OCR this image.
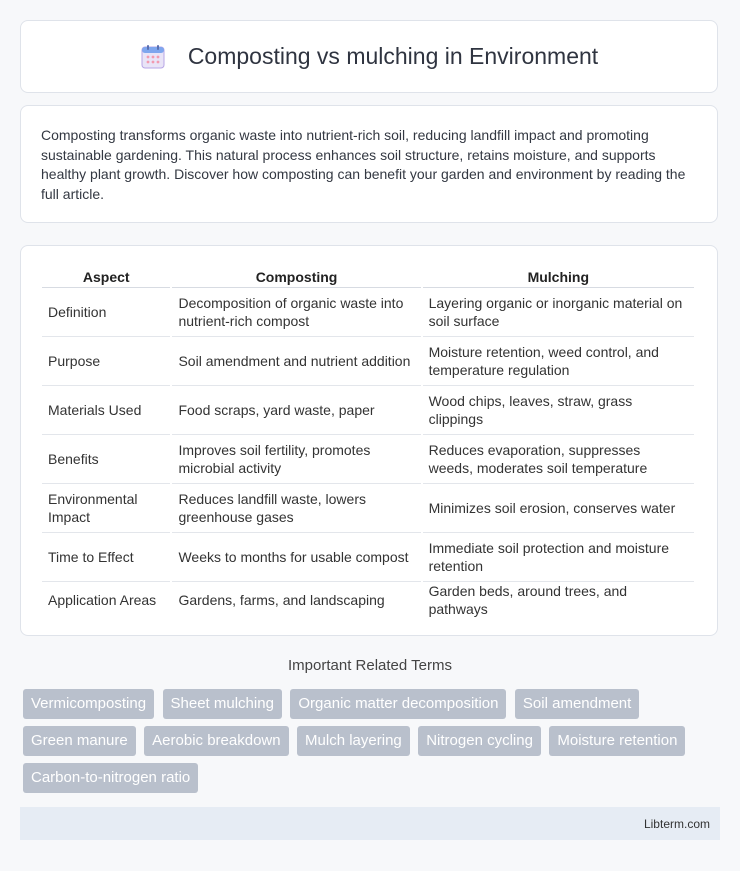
Composting vs mulching in Environment

Composting transforms organic waste into nutrient-rich soil, reducing landfill impact and promoting sustainable gardening. This natural process enhances soil structure, retains moisture, and supports healthy plant growth. Discover how composting can benefit your garden and environment by reading the full article.

Aspect	Composting	Mulching
Definition	Decomposition of organic waste into nutrient-rich compost	Layering organic or inorganic material on soil surface
Purpose	Soil amendment and nutrient addition	Moisture retention, weed control, and temperature regulation
Materials Used	Food scraps, yard waste, paper	Wood chips, leaves, straw, grass clippings
Benefits	Improves soil fertility, promotes microbial activity	Reduces evaporation, suppresses weeds, moderates soil temperature
Environmental Impact	Reduces landfill waste, lowers greenhouse gases	Minimizes soil erosion, conserves water
Time to Effect	Weeks to months for usable compost	Immediate soil protection and moisture retention
Application Areas	Gardens, farms, and landscaping	Garden beds, around trees, and pathways
Important Related Terms
Vermicomposting Sheet mulching Organic matter decomposition Soil amendment Green manure Aerobic breakdown Mulch layering Nitrogen cycling Moisture retention Carbon-to-nitrogen ratio
Libterm.com
